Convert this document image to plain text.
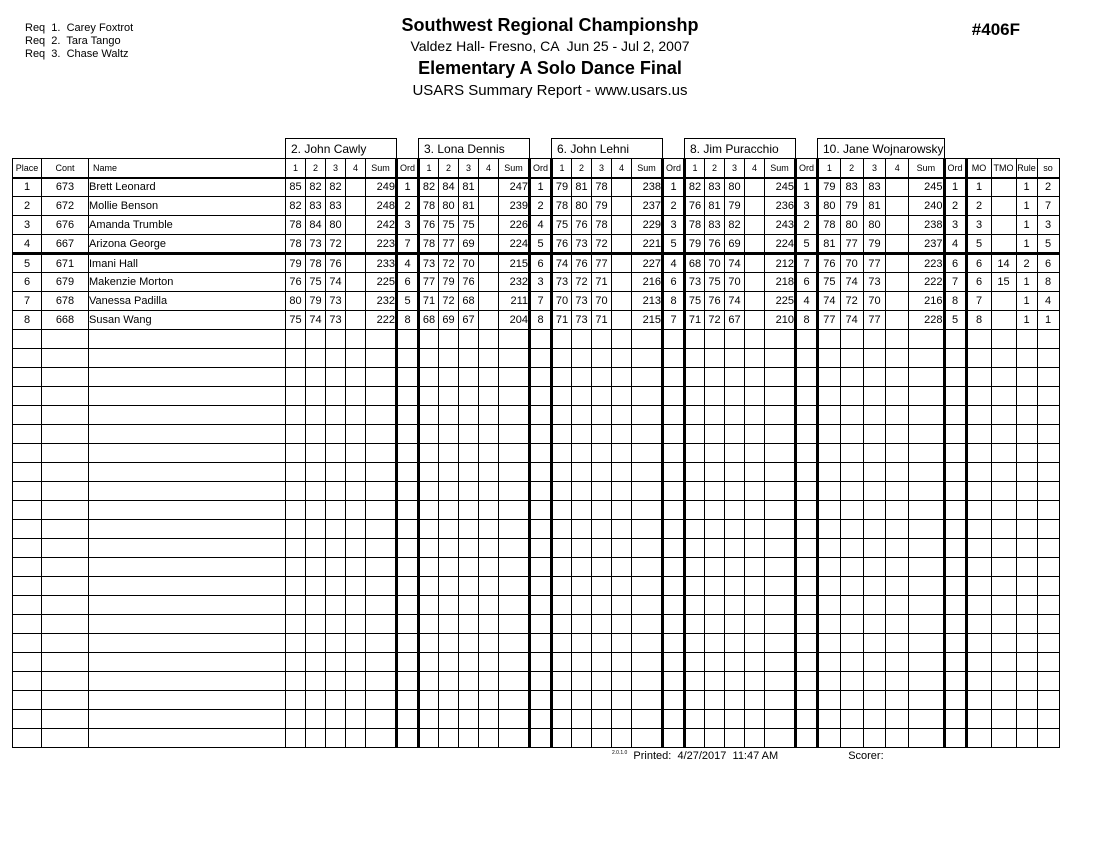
Req  1.  Carey Foxtrot
Req  2.  Tara Tango
Req  3.  Chase Waltz
Southwest Regional Championshp
Valdez Hall- Fresno, CA  Jun 25 - Jul 2, 2007
Elementary A Solo Dance Final
USARS Summary Report - www.usars.us
#406F
			2. John Cawly						3. Lona Dennis						6. John Lehni						8. Jim Puracchio						10. Jane Wojnarowsky									
Place	Cont	Name	1	2	3	4	Sum	Ord	1	2	3	4	Sum	Ord	1	2	3	4	Sum	Ord	1	2	3	4	Sum	Ord	1	2	3	4	Sum	Ord	MO	TMO	Rule	so
1	673	Brett Leonard	85	82	82		249	1	82	84	81		247	1	79	81	78		238	1	82	83	80		245	1	79	83	83		245	1	1		1	2
2	672	Mollie Benson	82	83	83		248	2	78	80	81		239	2	78	80	79		237	2	76	81	79		236	3	80	79	81		240	2	2		1	7
3	676	Amanda Trumble	78	84	80		242	3	76	75	75		226	4	75	76	78		229	3	78	83	82		243	2	78	80	80		238	3	3		1	3
4	667	Arizona George	78	73	72		223	7	78	77	69		224	5	76	73	72		221	5	79	76	69		224	5	81	77	79		237	4	5		1	5
5	671	Imani Hall	79	78	76		233	4	73	72	70		215	6	74	76	77		227	4	68	70	74		212	7	76	70	77		223	6	6	14	2	6
6	679	Makenzie Morton	76	75	74		225	6	77	79	76		232	3	73	72	71		216	6	73	75	70		218	6	75	74	73		222	7	6	15	1	8
7	678	Vanessa Padilla	80	79	73		232	5	71	72	68		211	7	70	73	70		213	8	75	76	74		225	4	74	72	70		216	8	7		1	4
8	668	Susan Wang	75	74	73		222	8	68	69	67		204	8	71	73	71		215	7	71	72	67		210	8	77	74	77		228	5	8		1	1

$^{2.0.1.0}$ Printed: 4/27/2017  11:47 AM	Scorer:
